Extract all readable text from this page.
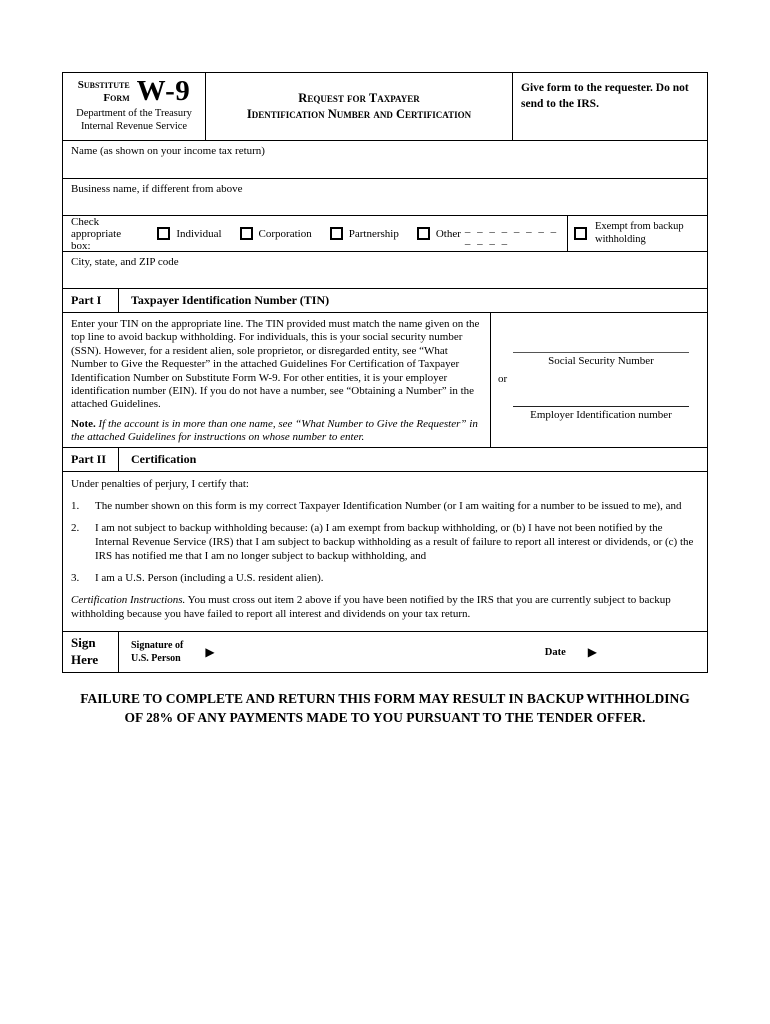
Substitute
Form W-9
Department of the Treasury
Internal Revenue Service
Request for Taxpayer
Identification Number and Certification
Give form to the requester. Do not send to the IRS.
Name (as shown on your income tax return)
Business name, if different from above
Check appropriate box:
Individual	Corporation	Partnership	Other _ _ _ _ _ _ _ _ _ _ _ _
Exempt from backup withholding
City, state, and ZIP code
Part I	Taxpayer Identification Number (TIN)
Enter your TIN on the appropriate line. The TIN provided must match the name given on the top line to avoid backup withholding. For individuals, this is your social security number (SSN). However, for a resident alien, sole proprietor, or disregarded entity, see “What Number to Give the Requester” in the attached Guidelines For Certification of Taxpayer Identification Number on Substitute Form W-9. For other entities, it is your employer identification number (EIN). If you do not have a number, see “Obtaining a Number” in the attached Guidelines.
Note. If the account is in more than one name, see “What Number to Give the Requester” in the attached Guidelines for instructions on whose number to enter.
Social Security Number
or
Employer Identification number
Part II	Certification
Under penalties of perjury, I certify that:
1.	The number shown on this form is my correct Taxpayer Identification Number (or I am waiting for a number to be issued to me), and
2.	I am not subject to backup withholding because: (a) I am exempt from backup withholding, or (b) I have not been notified by the Internal Revenue Service (IRS) that I am subject to backup withholding as a result of failure to report all interest or dividends, or (c) the IRS has notified me that I am no longer subject to backup withholding, and
3.	I am a U.S. Person (including a U.S. resident alien).
Certification Instructions. You must cross out item 2 above if you have been notified by the IRS that you are currently subject to backup withholding because you have failed to report all interest and dividends on your tax return.
Sign
Here
Signature of
U.S. Person ▶	Date ▶
FAILURE TO COMPLETE AND RETURN THIS FORM MAY RESULT IN BACKUP WITHHOLDING
OF 28% OF ANY PAYMENTS MADE TO YOU PURSUANT TO THE TENDER OFFER.
